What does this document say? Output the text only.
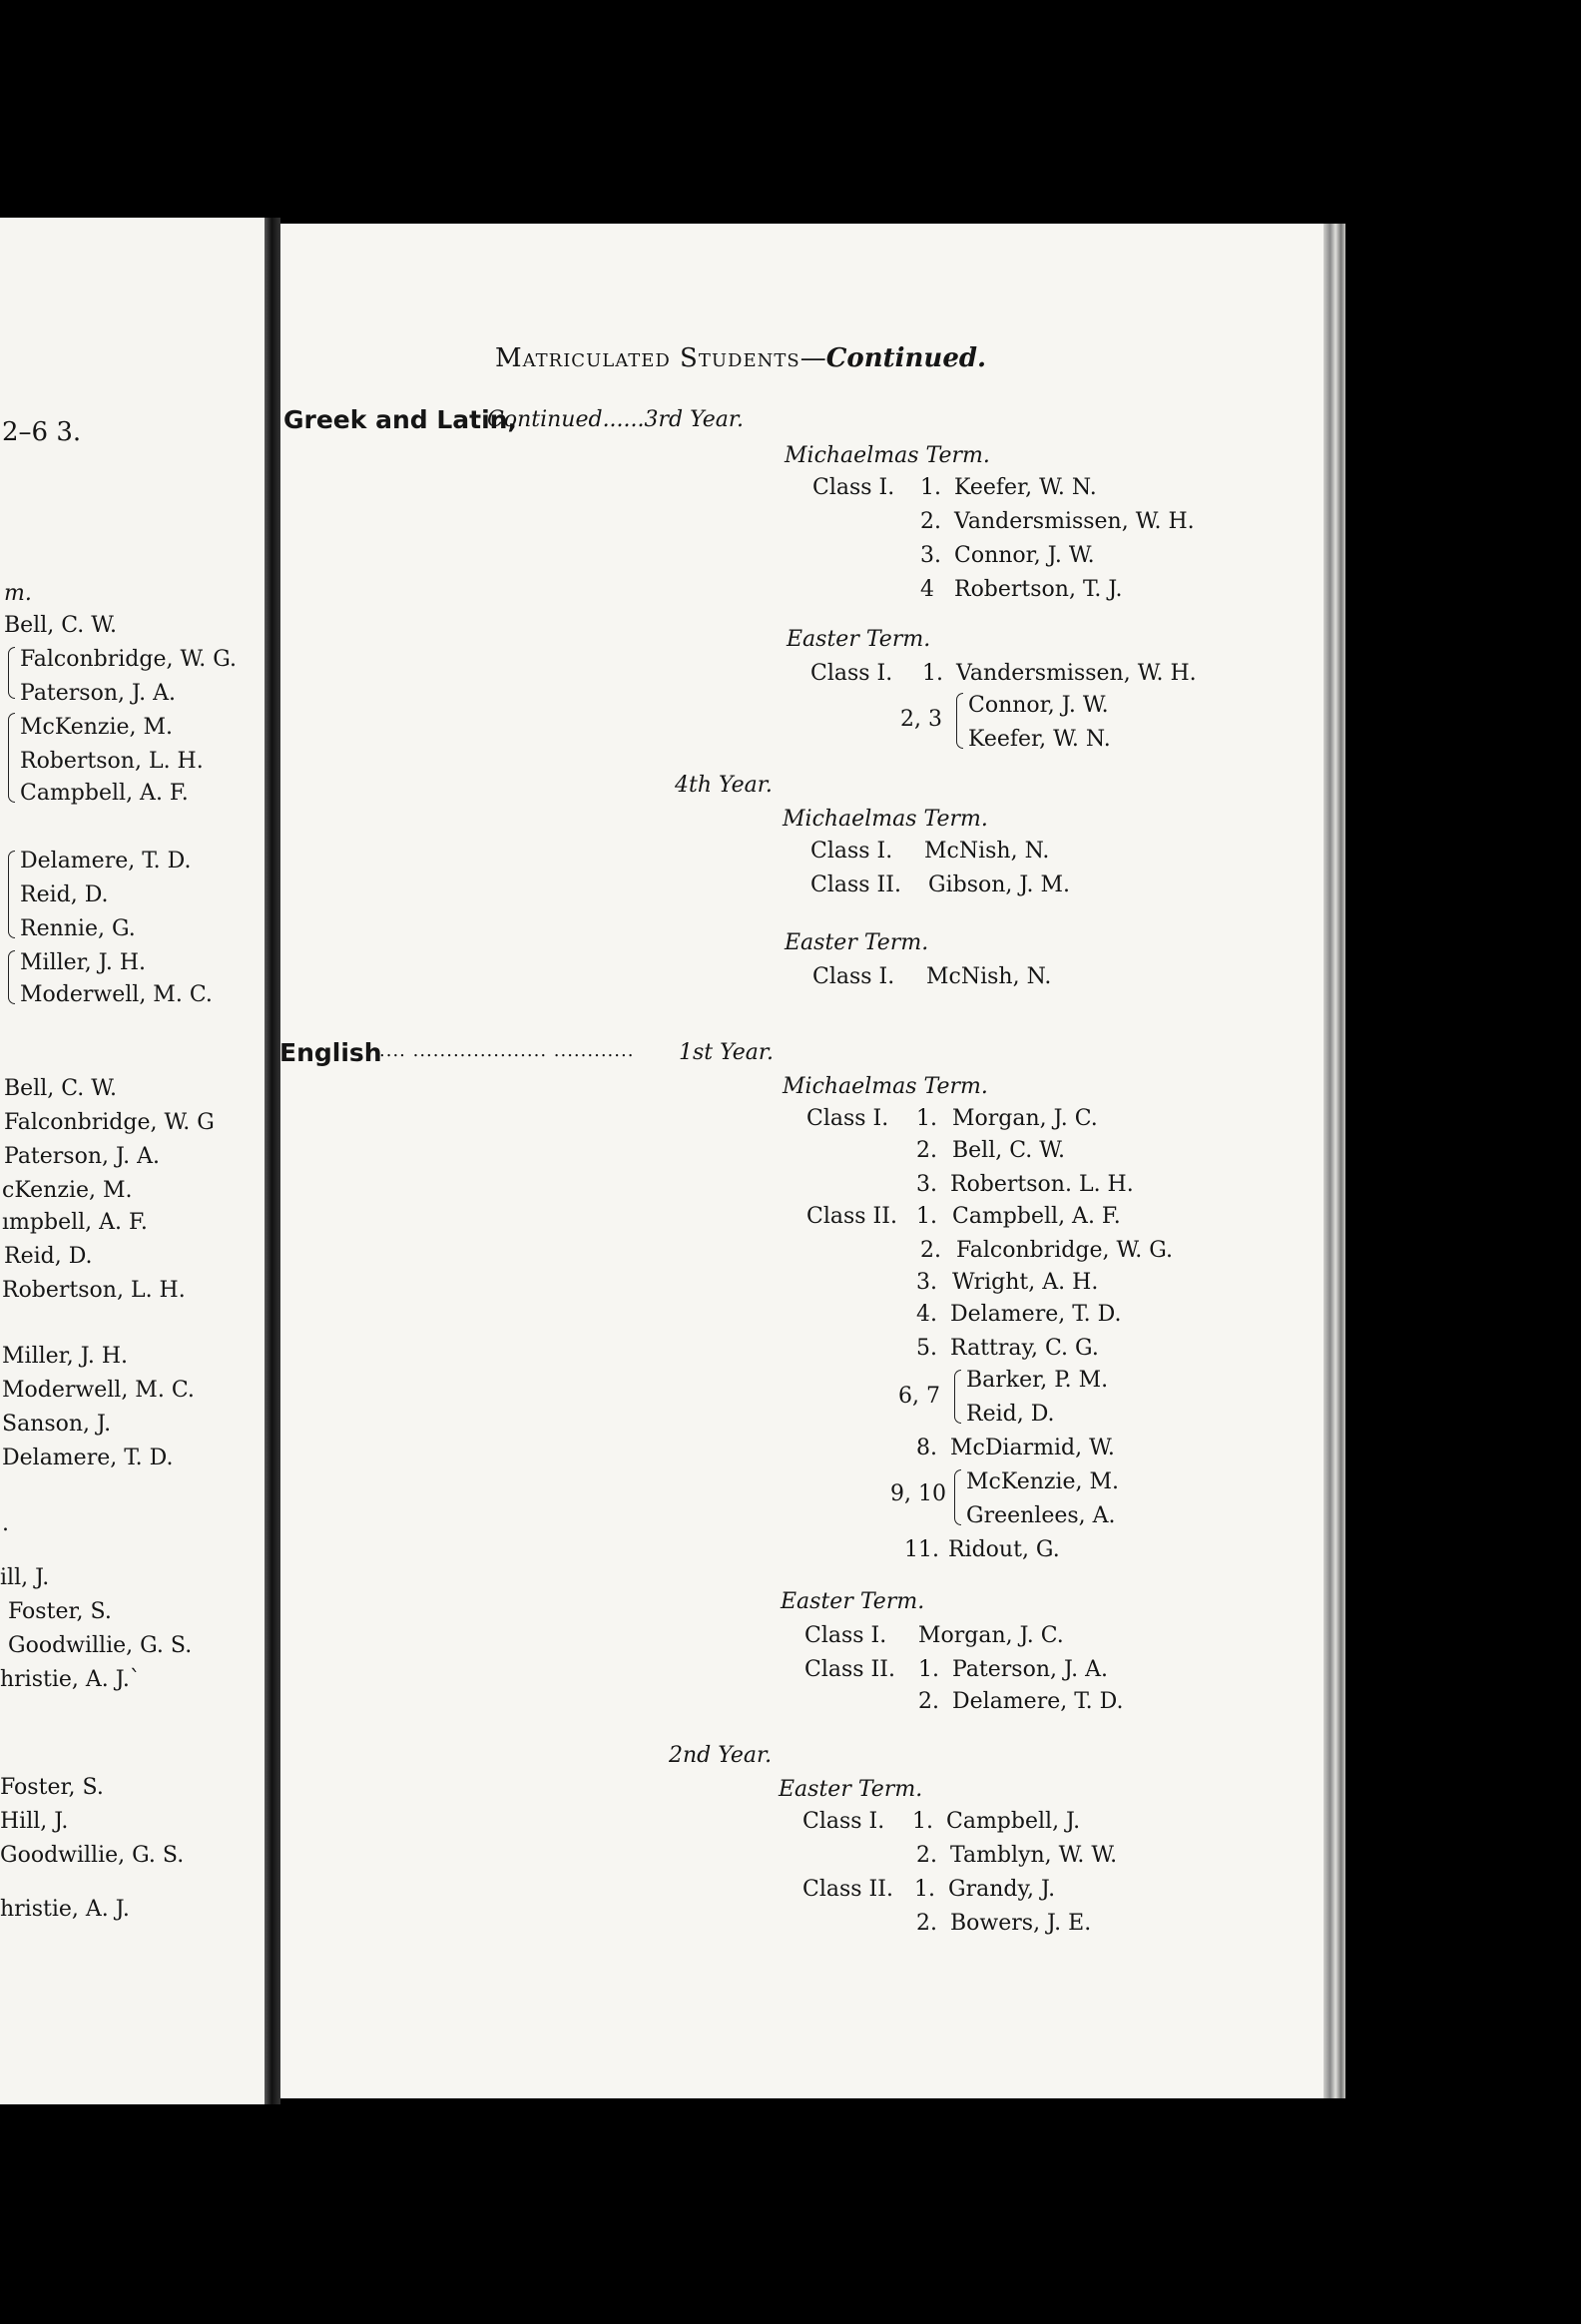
2–6 3.
m.
Bell, C. W.
Falconbridge, W. G.
Paterson, J. A.
McKenzie, M.
Robertson, L. H.
Campbell, A. F.
Delamere, T. D.
Reid, D.
Rennie, G.
Miller, J. H.
Moderwell, M. C.
Bell, C. W.
Falconbridge, W. G
Paterson, J. A.
cKenzie, M.
ımpbell, A. F.
Reid, D.
Robertson, L. H.
Miller, J. H.
Moderwell, M. C.
Sanson, J.
Delamere, T. D.
.
ill, J.
Foster, S.
Goodwillie, G. S.
hristie, A. J.`
Foster, S.
Hill, J.
Goodwillie, G. S.
hristie, A. J.
Matriculated Students—Continued.
Greek and Latin,
Continued......3rd Year.
Michaelmas Term.
Class I. 1. Keefer, W. N.
2. Vandersmissen, W. H.
3. Connor, J. W.
4 Robertson, T. J.
Easter Term.
Class I. 1. Vandersmissen, W. H.
2, 3
Connor, J. W.
Keefer, W. N.
4th Year.
Michaelmas Term.
Class I. McNish, N.
Class II. Gibson, J. M.
Easter Term.
Class I. McNish, N.
English
.... .................... ............ 1st Year.
Michaelmas Term.
Class I. 1. Morgan, J. C.
2. Bell, C. W.
3. Robertson. L. H.
Class II. 1. Campbell, A. F.
2. Falconbridge, W. G.
3. Wright, A. H.
4. Delamere, T. D.
5. Rattray, C. G.
6, 7
Barker, P. M.
Reid, D.
8. McDiarmid, W.
9, 10 McKenzie, M.
Greenlees, A.
11. Ridout, G.
Easter Term.
Class I. Morgan, J. C.
Class II. 1. Paterson, J. A.
2. Delamere, T. D.
2nd Year.
Easter Term.
Class I. 1. Campbell, J.
2. Tamblyn, W. W.
Class II. 1. Grandy, J.
2. Bowers, J. E.
